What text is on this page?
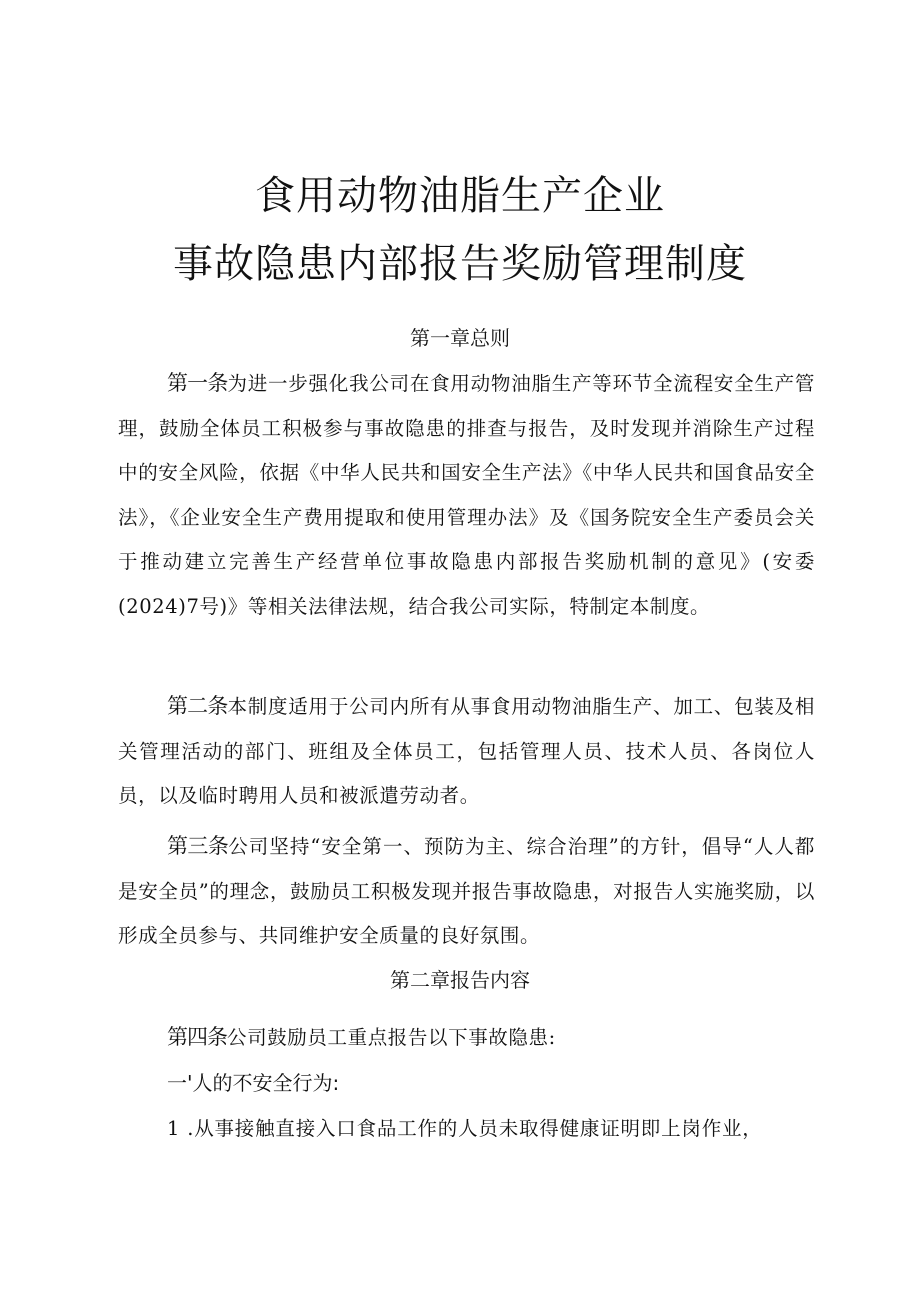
食用动物油脂生产企业
事故隐患内部报告奖励管理制度
第一章总则
第一条为进一步强化我公司在食用动物油脂生产等环节全流程安全生产管理，鼓励全体员工积极参与事故隐患的排查与报告，及时发现并消除生产过程中的安全风险，依据《中华人民共和国安全生产法》《中华人民共和国食品安全法》，《企业安全生产费用提取和使用管理办法》及《国务院安全生产委员会关于推动建立完善生产经营单位事故隐患内部报告奖励机制的意见》(安委(2024)7号)》等相关法律法规，结合我公司实际，特制定本制度。
第二条本制度适用于公司内所有从事食用动物油脂生产、加工、包装及相关管理活动的部门、班组及全体员工，包括管理人员、技术人员、各岗位人员，以及临时聘用人员和被派遣劳动者。
第三条公司坚持“安全第一、预防为主、综合治理”的方针，倡导“人人都是安全员”的理念，鼓励员工积极发现并报告事故隐患，对报告人实施奖励，以形成全员参与、共同维护安全质量的良好氛围。
第二章报告内容
第四条公司鼓励员工重点报告以下事故隐患:
一'人的不安全行为:
1 .从事接触直接入口食品工作的人员未取得健康证明即上岗作业，
